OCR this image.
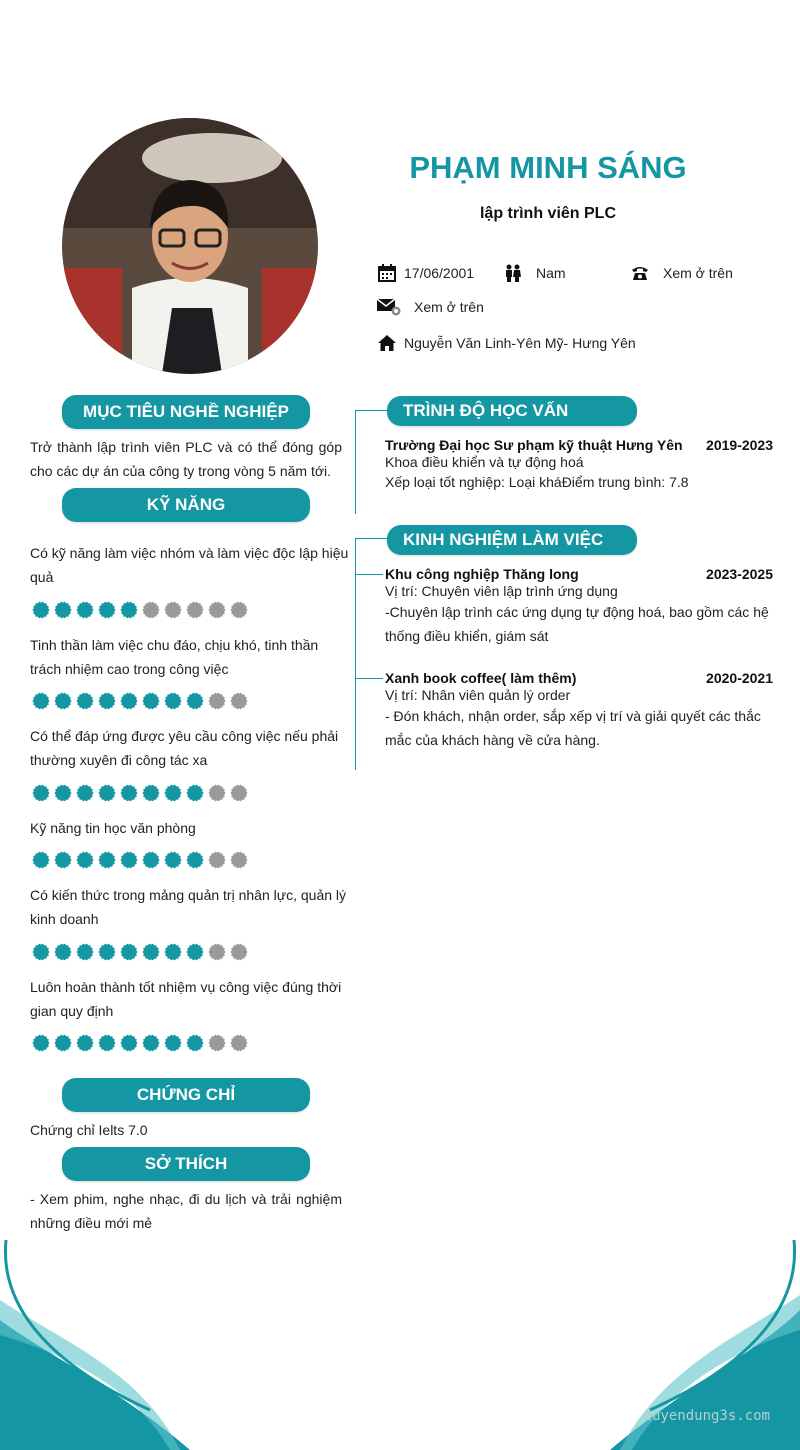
tuyendung3s.com
PHẠM MINH SÁNG
lập trình viên PLC
17/06/2001	Nam	Xem ở trên
Xem ở trên
Nguyễn Văn Linh-Yên Mỹ- Hưng Yên
MỤC TIÊU NGHỀ NGHIỆP
Trở thành lập trình viên PLC và có thể đóng góp cho các dự án của công ty trong vòng 5 năm tới.
KỸ NĂNG
Có kỹ năng làm việc nhóm và làm việc độc lập hiệu quả
Tinh thần làm việc chu đáo, chịu khó, tinh thần trách nhiệm cao trong công việc
Có thể đáp ứng được yêu cầu công việc nếu phải thường xuyên đi công tác xa
Kỹ năng tin học văn phòng
Có kiến thức trong mảng quản trị nhân lực, quản lý kinh doanh
Luôn hoàn thành tốt nhiệm vụ công việc đúng thời gian quy định
CHỨNG CHỈ
Chứng chỉ Ielts 7.0
SỞ THÍCH
- Xem phim, nghe nhạc, đi du lịch và trải nghiệm những điều mới mẻ
TRÌNH ĐỘ HỌC VẤN
Trường Đại học Sư phạm kỹ thuật Hưng Yên 2019-2023
Khoa điều khiển và tự động hoá
Xếp loại tốt nghiệp: Loại kháĐiểm trung bình: 7.8
KINH NGHIỆM LÀM VIỆC
Khu công nghiệp Thăng long	2023-2025
Vị trí: Chuyên viên lập trình ứng dụng
-Chuyên lập trình các ứng dụng tự động hoá, bao gồm các hệ thống điều khiển, giám sát
Xanh book coffee( làm thêm)	2020-2021
Vị trí: Nhân viên quản lý order
- Đón khách, nhận order, sắp xếp vị trí và giải quyết các thắc mắc của khách hàng về cửa hàng.
